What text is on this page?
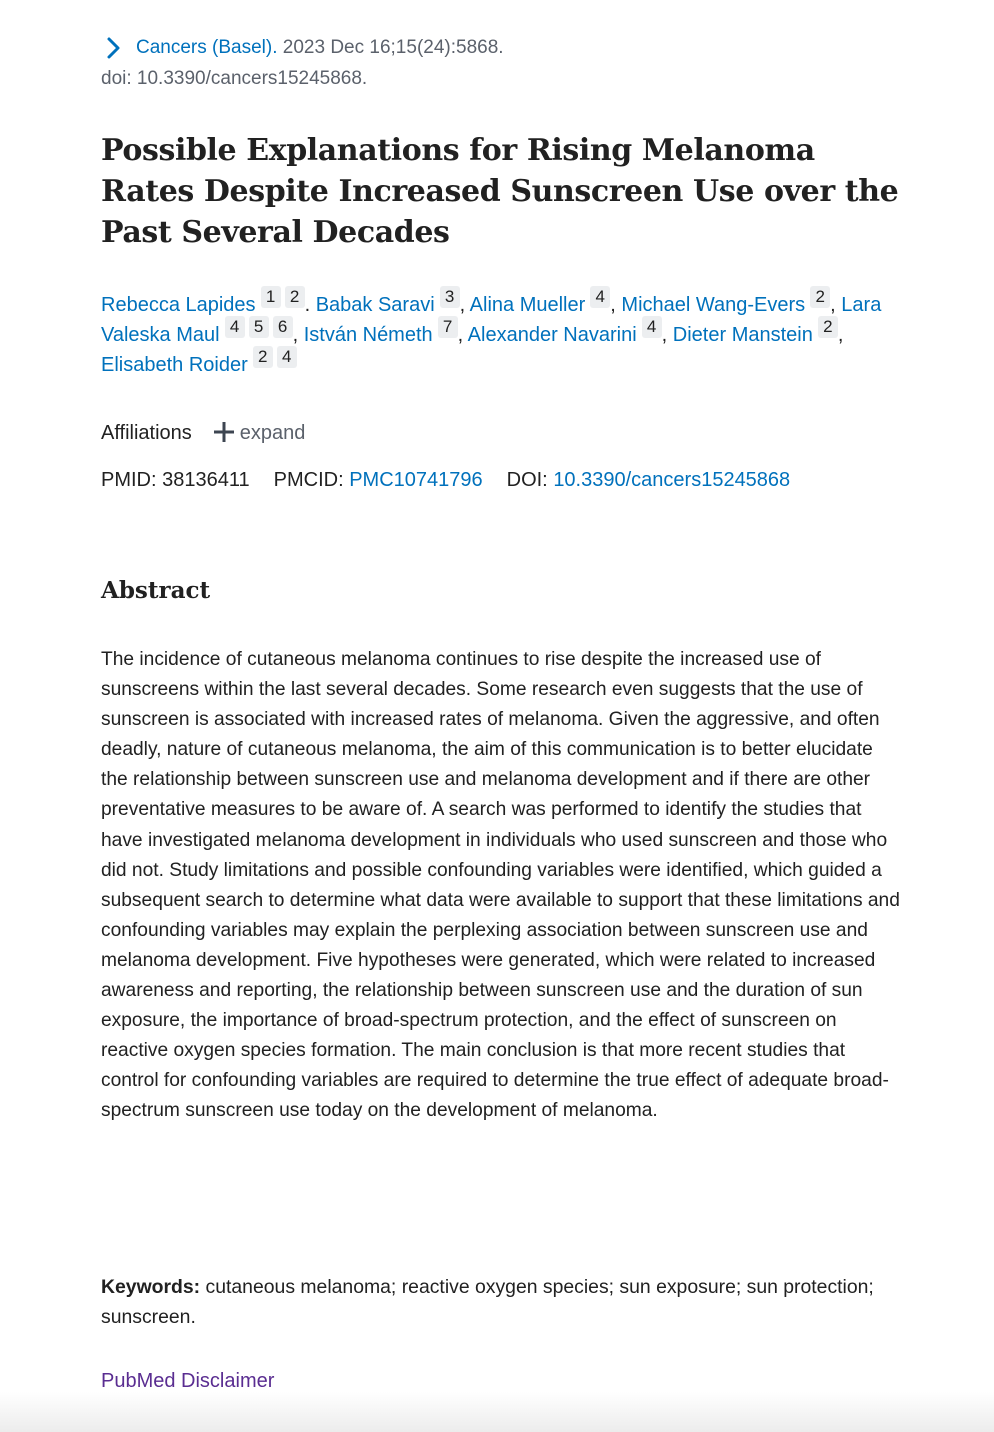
Cancers (Basel). 2023 Dec 16;15(24):5868.
doi: 10.3390/cancers15245868.
Possible Explanations for Rising Melanoma Rates Despite Increased Sunscreen Use over the Past Several Decades
Rebecca Lapides 1 2 . Babak Saravi 3 , Alina Mueller 4 , Michael Wang-Evers 2 , Lara Valeska Maul 4 5 6 , István Németh 7 , Alexander Navarini 4 , Dieter Manstein 2 , Elisabeth Roider 2 4
Affiliations expand
PMID: 38136411 PMCID: PMC10741796 DOI: 10.3390/cancers15245868
Abstract

The incidence of cutaneous melanoma continues to rise despite the increased use of sunscreens within the last several decades. Some research even suggests that the use of sunscreen is associated with increased rates of melanoma. Given the aggressive, and often deadly, nature of cutaneous melanoma, the aim of this communication is to better elucidate the relationship between sunscreen use and melanoma development and if there are other preventative measures to be aware of. A search was performed to identify the studies that have investigated melanoma development in individuals who used sunscreen and those who did not. Study limitations and possible confounding variables were identified, which guided a subsequent search to determine what data were available to support that these limitations and confounding variables may explain the perplexing association between sunscreen use and melanoma development. Five hypotheses were generated, which were related to increased awareness and reporting, the relationship between sunscreen use and the duration of sun exposure, the importance of broad-spectrum protection, and the effect of sunscreen on reactive oxygen species formation. The main conclusion is that more recent studies that control for confounding variables are required to determine the true effect of adequate broad-spectrum sunscreen use today on the development of melanoma.

Keywords: cutaneous melanoma; reactive oxygen species; sun exposure; sun protection; sunscreen.
PubMed Disclaimer
